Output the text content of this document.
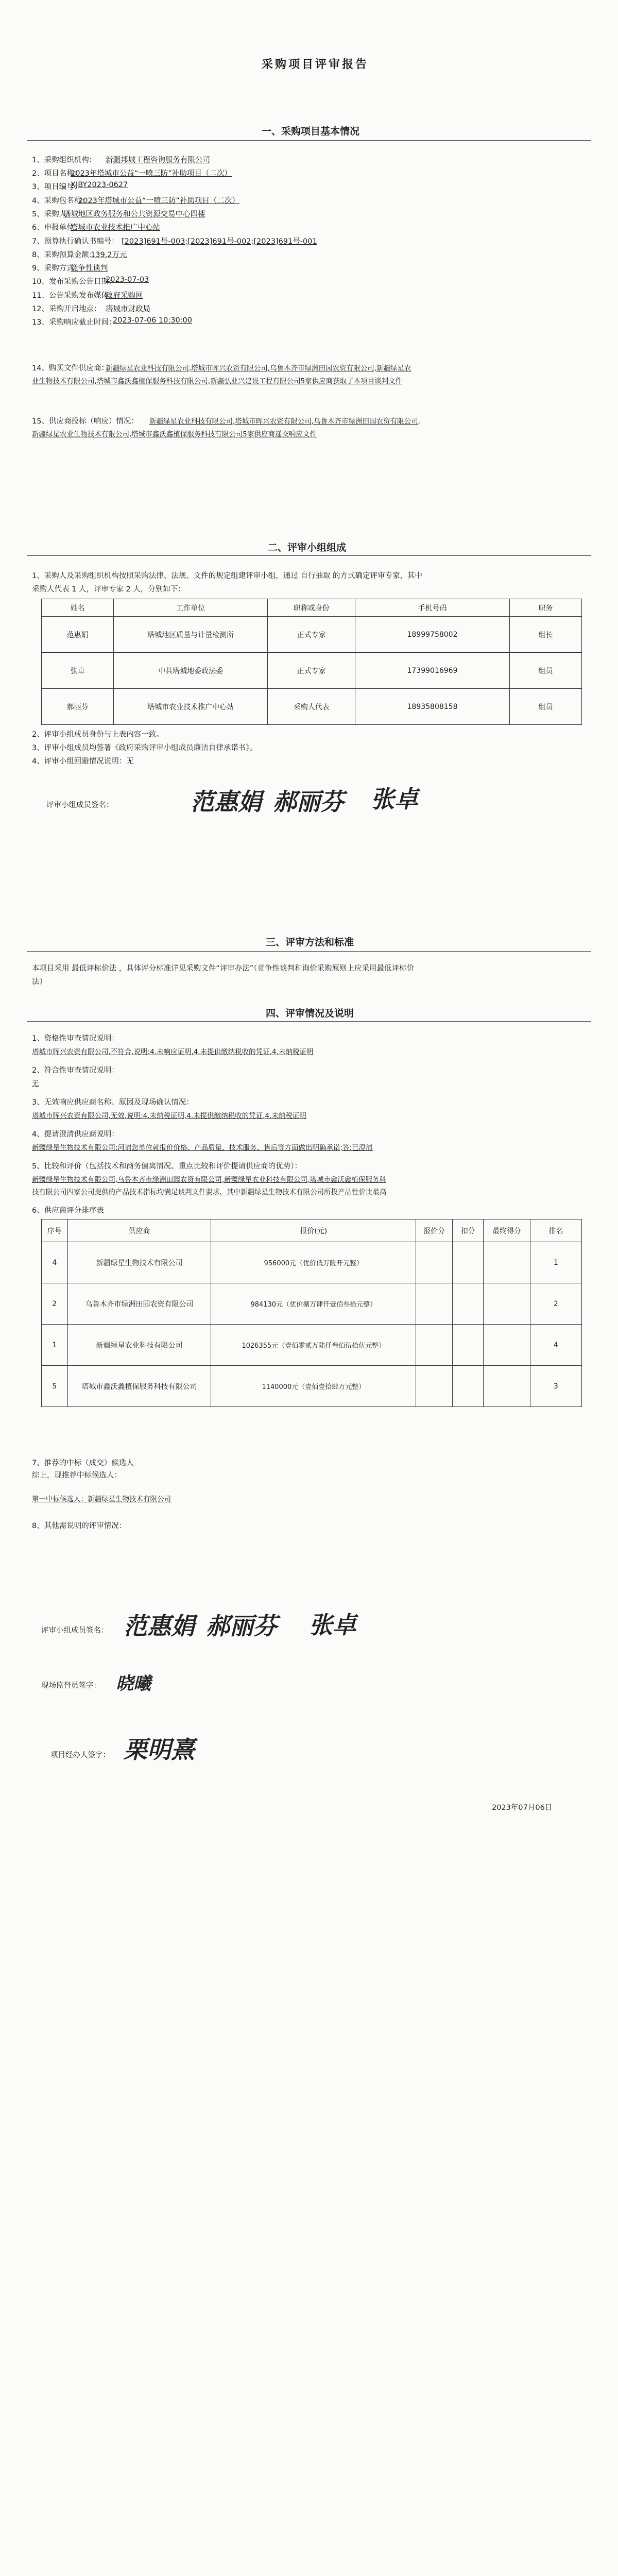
采购项目评审报告
一、采购项目基本情况
1、采购组织机构： 新疆邦城工程咨询服务有限公司
2、项目名称：
2023年塔城市公益“一喷三防”补助项目（二次）
3、项目编号：
XJBY2023-0627
4、采购包名称：
2023年塔城市公益“一喷三防”补助项目（二次）
5、采购人：
塔城地区政务服务和公共资源交易中心四楼
6、申报单位：
塔城市农业技术推广中心站
7、预算执行确认书编号： [2023]691号-003;[2023]691号-002;[2023]691号-001
8、采购预算金额：
139.2万元
9、采购方式：
竞争性谈判
10、发布采购公告日期：
2023-07-03
11、公告采购发布媒体：
政府采购网
12、采购开启地点： 塔城市财政局
13、采购响应截止时间：
2023-07-06 10:30:00
14、购买文件供应商：
新疆绿星农业科技有限公司,塔城市晖兴农资有限公司,乌鲁木齐市绿洲田园农资有限公司,新疆绿星农
业生物技术有限公司,塔城市鑫沃鑫植保服务科技有限公司,新疆弘业兴建设工程有限公司5家供应商获取了本项目谈判文件
15、供应商投标（响应）情况： 新疆绿星农业科技有限公司,塔城市晖兴农资有限公司,乌鲁木齐市绿洲田园农资有限公司,
新疆绿星农业生物技术有限公司,塔城市鑫沃鑫植保服务科技有限公司5家供应商递交响应文件
二、评审小组组成
1、采购人及采购组织机构按照采购法律、法规、文件的规定组建评审小组，通过 自行抽取 的方式确定评审专家，其中
采购人代表 1 人，评审专家 2 人，分别如下：
姓名	工作单位	职称或身份	手机号码	职务
范惠娟	塔城地区质量与计量检测所	正式专家	18999758002	组长
张卓	中共塔城地委政法委	正式专家	17399016969	组员
郝丽芬	塔城市农业技术推广中心站	采购人代表	18935808158	组员
2、评审小组成员身份与上表内容一致。
3、评审小组成员均签署《政府采购评审小组成员廉洁自律承诺书》。
4、评审小组回避情况说明：无
评审小组成员签名：	范惠娟 郝丽芬 张卓
三、评审方法和标准
本项目采用 最低评标价法 ，具体评分标准详见采购文件“评审办法”（竞争性谈判和询价采购原则上应采用最低评标价
法）
四、评审情况及说明
1、资格性审查情况说明：
塔城市晖兴农资有限公司,不符合,说明:4.未响应证明,4.未提供缴纳税收的凭证,4.未纳税证明
2、符合性审查情况说明：
无
3、无效响应供应商名称、原因及现场确认情况：
塔城市晖兴农资有限公司,无效,说明:4.未纳税证明,4.未提供缴纳税收的凭证,4.未纳税证明
4、提请澄清供应商说明：
新疆绿星生物技术有限公司:河请您单位就报价价格、产品质量、技术服务、售后等方面做出明确承诺;答:已澄清
5、比较和评价（包括技术和商务偏离情况、重点比较和评价提请供应商的优势）：
新疆绿星生物技术有限公司,乌鲁木齐市绿洲田园农资有限公司,新疆绿星农业科技有限公司,塔城市鑫沃鑫植保服务科
技有限公司四家公司提供的产品技术指标均满足谈判文件要求，其中新疆绿星生物技术有限公司所投产品性价比最高
6、供应商评分排序表
序号	供应商	报价(元)	报价分	扣分	最终得分	排名
4	新疆绿星生物技术有限公司	956000元（优价低万险开元整）				1
2	乌鲁木齐市绿洲田园农资有限公司	984130元（优价捌万肆仟壹佰叁拾元整）				2
1	新疆绿星农业科技有限公司	1026355元（壹佰零贰万陆仟叁佰伍拾伍元整）				4
5	塔城市鑫沃鑫植保服务科技有限公司	1140000元（壹佰壹拾肆万元整）				3
7、推荐的中标（成交）候选人
综上，现推荐中标候选人：
第一中标候选人：新疆绿星生物技术有限公司
8、其他需说明的评审情况：
评审小组成员签名： 范惠娟 郝丽芬 张卓
现场监督员签字： 晓曦
项目经办人签字： 栗明熹
2023年07月06日
